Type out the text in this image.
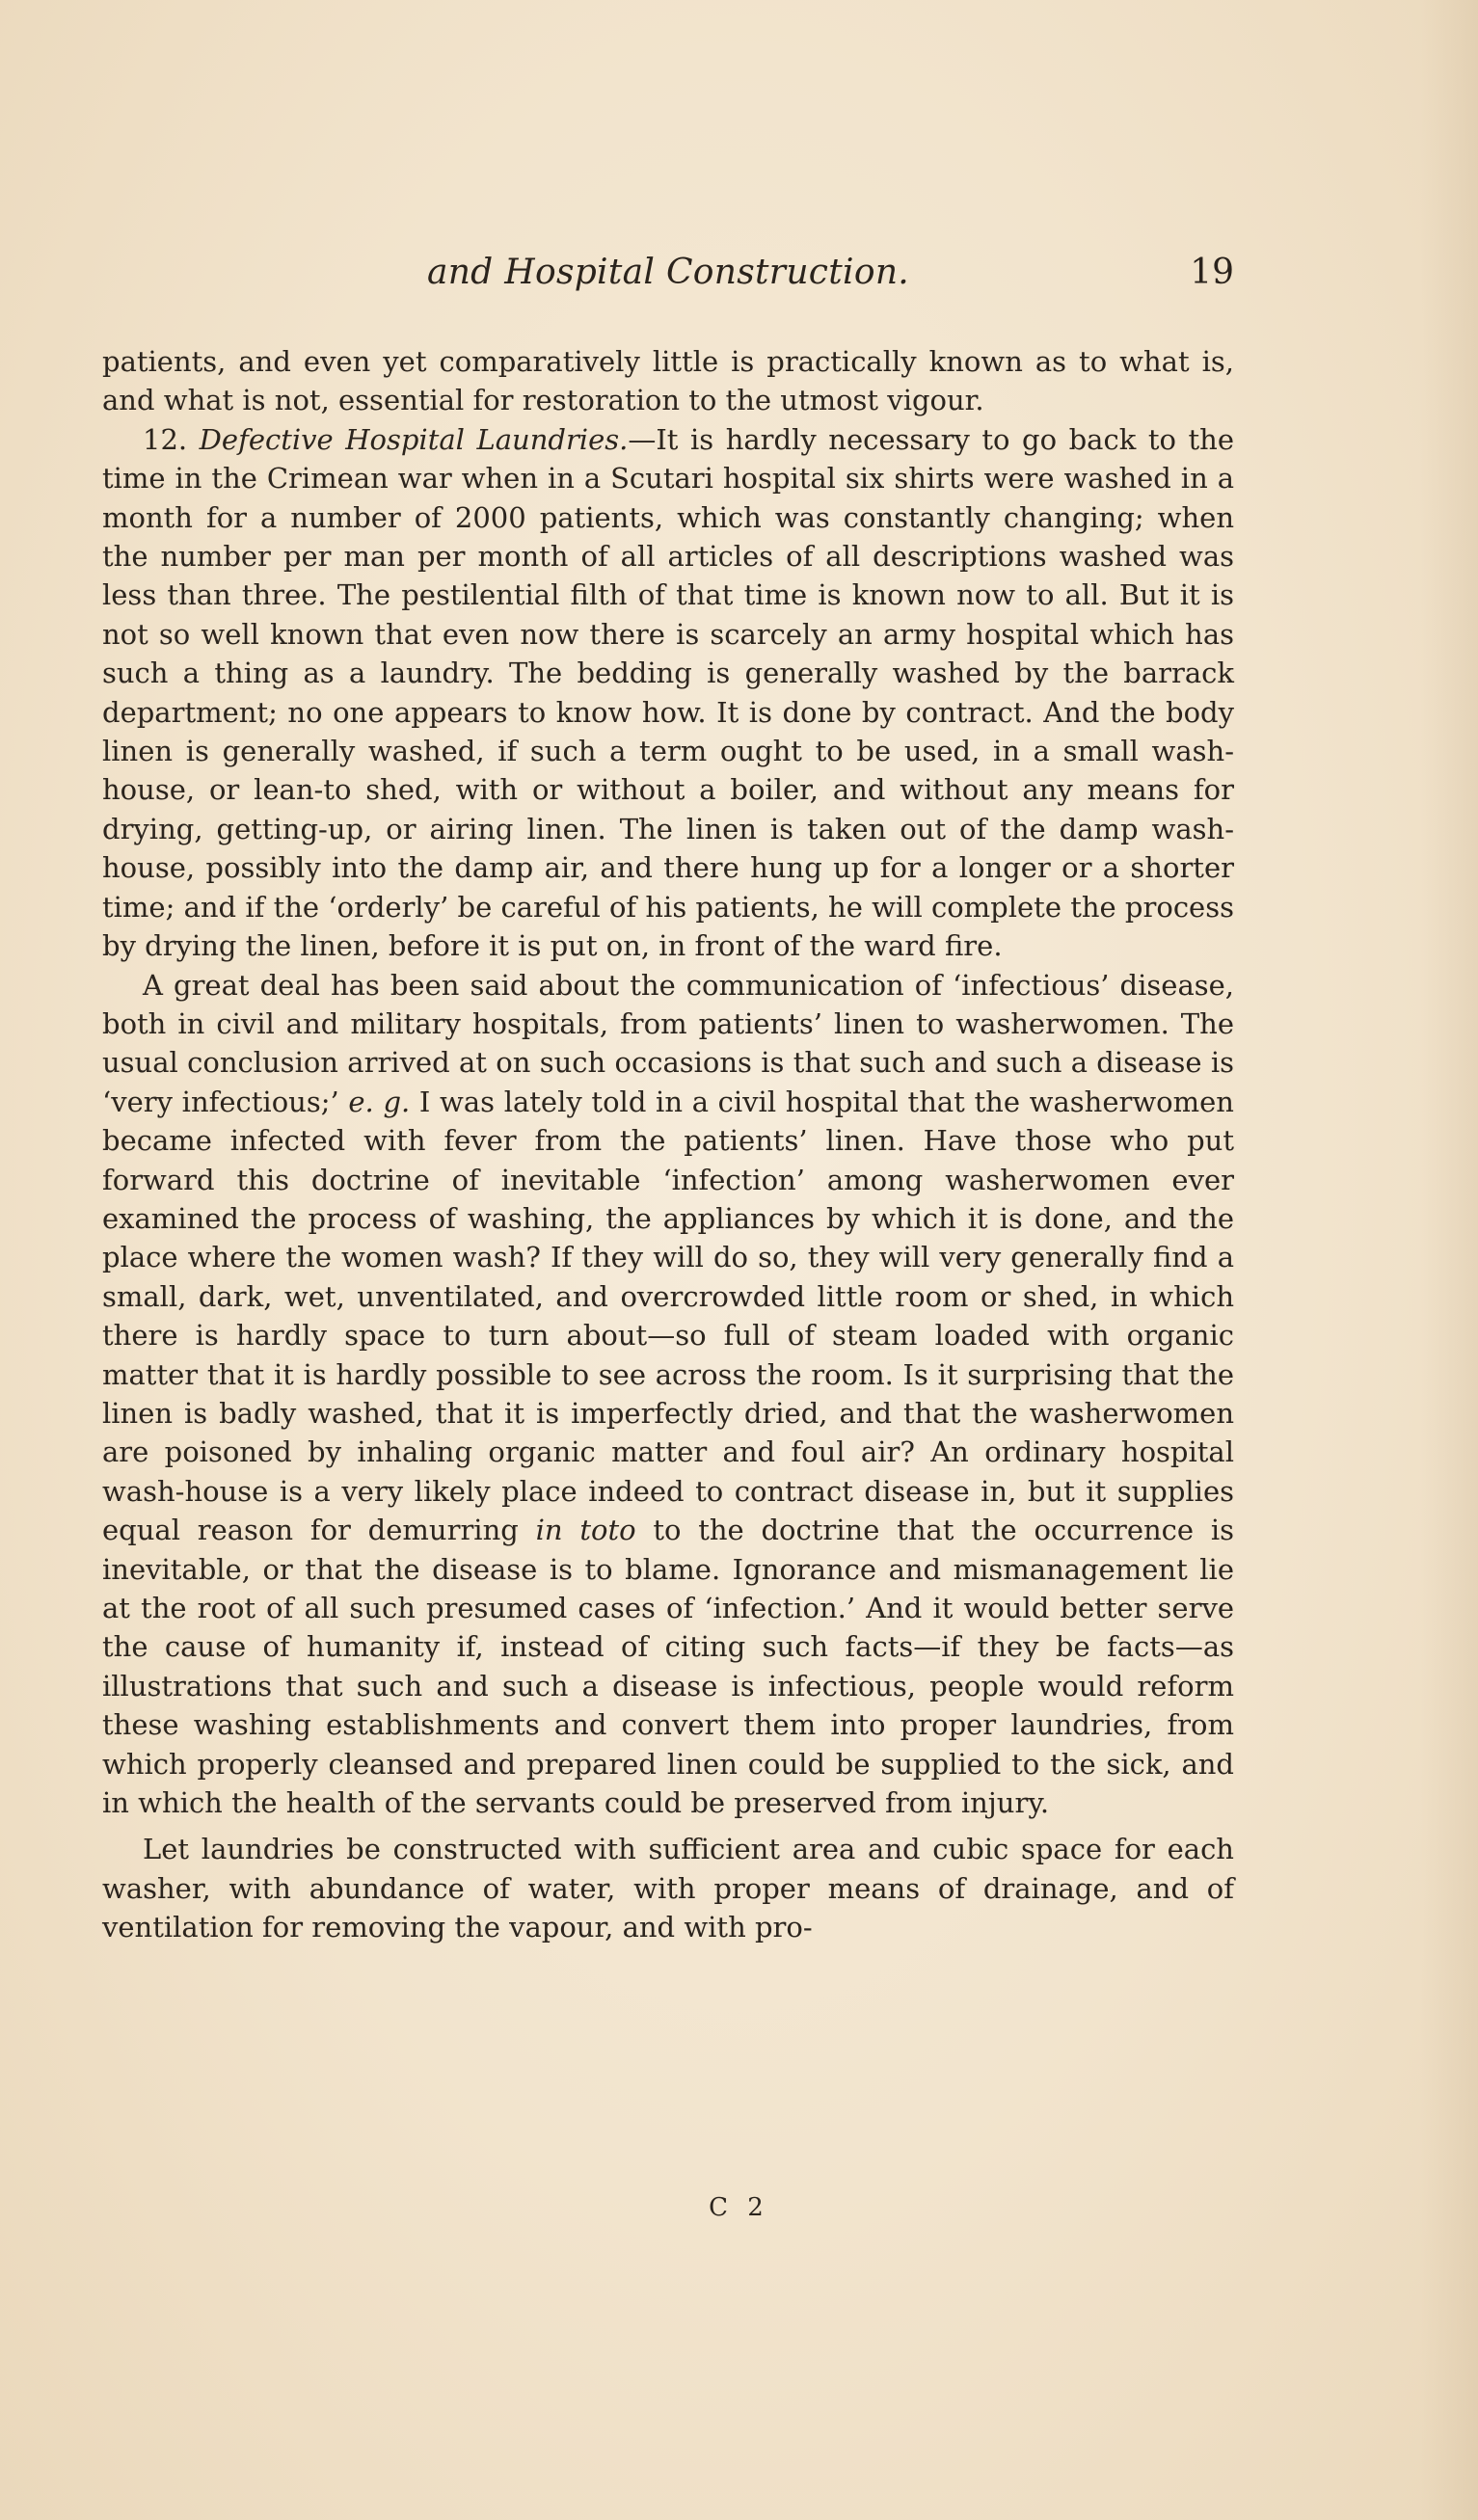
and Hospital Construction.	19

patients, and even yet comparatively little is practically known as to what is, and what is not, essential for restoration to the utmost vigour.

12. Defective Hospital Laundries.—It is hardly necessary to go back to the time in the Crimean war when in a Scutari hospital six shirts were washed in a month for a number of 2000 patients, which was constantly changing; when the number per man per month of all articles of all descriptions washed was less than three. The pestilential filth of that time is known now to all. But it is not so well known that even now there is scarcely an army hospital which has such a thing as a laundry. The bedding is generally washed by the barrack department; no one appears to know how. It is done by contract. And the body linen is generally washed, if such a term ought to be used, in a small wash-house, or lean-to shed, with or without a boiler, and without any means for drying, getting-up, or airing linen. The linen is taken out of the damp wash-house, possibly into the damp air, and there hung up for a longer or a shorter time; and if the ‘orderly’ be careful of his patients, he will complete the process by drying the linen, before it is put on, in front of the ward fire.

A great deal has been said about the communication of ‘infectious’ disease, both in civil and military hospitals, from patients’ linen to washerwomen. The usual conclusion arrived at on such occasions is that such and such a disease is ‘very infectious;’ e. g. I was lately told in a civil hospital that the washerwomen became infected with fever from the patients’ linen. Have those who put forward this doctrine of inevitable ‘infection’ among washerwomen ever examined the process of washing, the appliances by which it is done, and the place where the women wash? If they will do so, they will very generally find a small, dark, wet, unventilated, and overcrowded little room or shed, in which there is hardly space to turn about—so full of steam loaded with organic matter that it is hardly possible to see across the room. Is it surprising that the linen is badly washed, that it is imperfectly dried, and that the washerwomen are poisoned by inhaling organic matter and foul air? An ordinary hospital wash-house is a very likely place indeed to contract disease in, but it supplies equal reason for demurring in toto to the doctrine that the occurrence is inevitable, or that the disease is to blame. Ignorance and mismanagement lie at the root of all such presumed cases of ‘infection.’ And it would better serve the cause of humanity if, instead of citing such facts—if they be facts—as illustrations that such and such a disease is infectious, people would reform these washing establishments and convert them into proper laundries, from which properly cleansed and prepared linen could be supplied to the sick, and in which the health of the servants could be preserved from injury.

Let laundries be constructed with sufficient area and cubic space for each washer, with abundance of water, with proper means of drainage, and of ventilation for removing the vapour, and with pro-

C 2
